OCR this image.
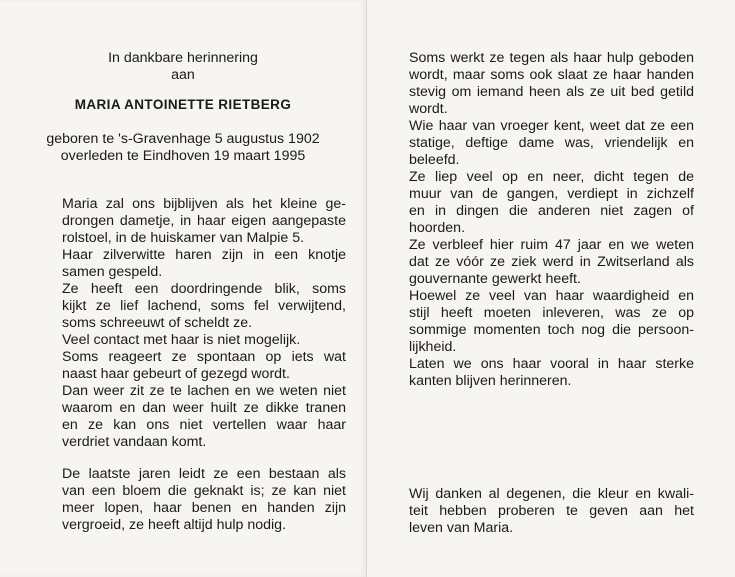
In dankbare herinnering
aan
MARIA ANTOINETTE RIETBERG
geboren te 's-Gravenhage 5 augustus 1902
overleden te Eindhoven 19 maart 1995
Maria zal ons bijblijven als het kleine ge-
drongen dametje, in haar eigen aangepaste
rolstoel, in de huiskamer van Malpie 5.
Haar zilverwitte haren zijn in een knotje
samen gespeld.
Ze heeft een doordringende blik, soms
kijkt ze lief lachend, soms fel verwijtend,
soms schreeuwt of scheldt ze.
Veel contact met haar is niet mogelijk.
Soms reageert ze spontaan op iets wat
naast haar gebeurt of gezegd wordt.
Dan weer zit ze te lachen en we weten niet
waarom en dan weer huilt ze dikke tranen
en ze kan ons niet vertellen waar haar
verdriet vandaan komt.
De laatste jaren leidt ze een bestaan als
van een bloem die geknakt is; ze kan niet
meer lopen, haar benen en handen zijn
vergroeid, ze heeft altijd hulp nodig.
Soms werkt ze tegen als haar hulp geboden
wordt, maar soms ook slaat ze haar handen
stevig om iemand heen als ze uit bed getild
wordt.
Wie haar van vroeger kent, weet dat ze een
statige, deftige dame was, vriendelijk en
beleefd.
Ze liep veel op en neer, dicht tegen de
muur van de gangen, verdiept in zichzelf
en in dingen die anderen niet zagen of
hoorden.
Ze verbleef hier ruim 47 jaar en we weten
dat ze vóór ze ziek werd in Zwitserland als
gouvernante gewerkt heeft.
Hoewel ze veel van haar waardigheid en
stijl heeft moeten inleveren, was ze op
sommige momenten toch nog die persoon-
lijkheid.
Laten we ons haar vooral in haar sterke
kanten blijven herinneren.
Wij danken al degenen, die kleur en kwali-
teit hebben proberen te geven aan het
leven van Maria.
